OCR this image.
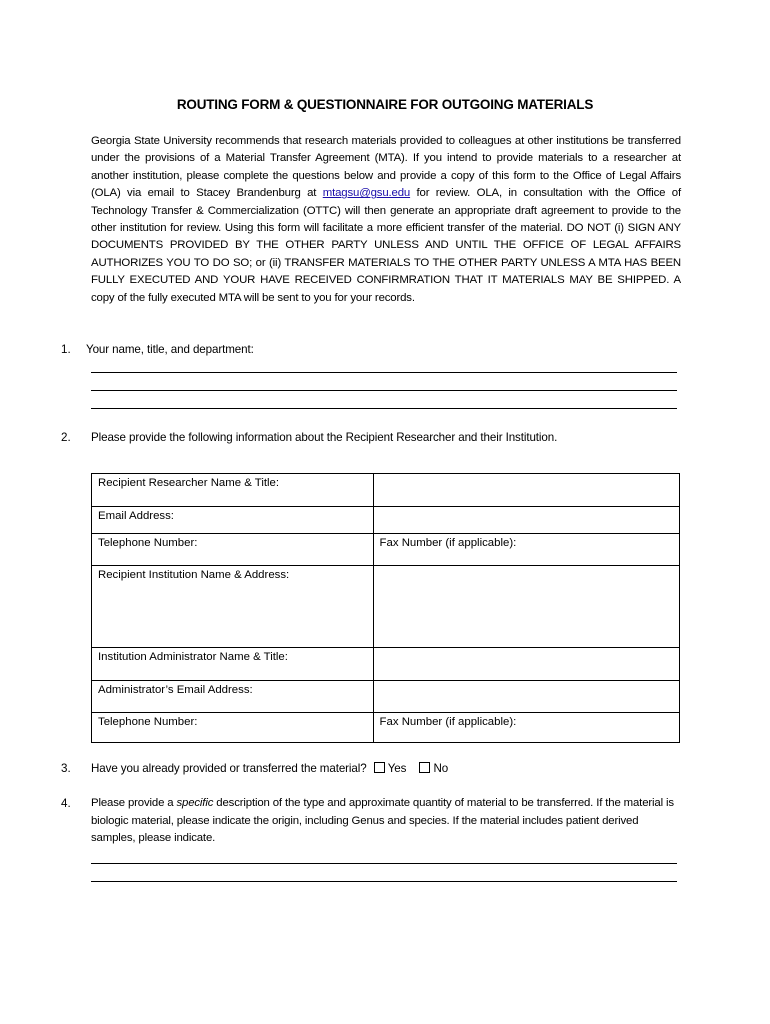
ROUTING FORM & QUESTIONNAIRE FOR OUTGOING MATERIALS
Georgia State University recommends that research materials provided to colleagues at other institutions be transferred under the provisions of a Material Transfer Agreement (MTA). If you intend to provide materials to a researcher at another institution, please complete the questions below and provide a copy of this form to the Office of Legal Affairs (OLA) via email to Stacey Brandenburg at mtagsu@gsu.edu for review. OLA, in consultation with the Office of Technology Transfer & Commercialization (OTTC) will then generate an appropriate draft agreement to provide to the other institution for review. Using this form will facilitate a more efficient transfer of the material. DO NOT (i) SIGN ANY DOCUMENTS PROVIDED BY THE OTHER PARTY UNLESS AND UNTIL THE OFFICE OF LEGAL AFFAIRS AUTHORIZES YOU TO DO SO; or (ii) TRANSFER MATERIALS TO THE OTHER PARTY UNLESS A MTA HAS BEEN FULLY EXECUTED AND YOUR HAVE RECEIVED CONFIRMRATION THAT IT MATERIALS MAY BE SHIPPED. A copy of the fully executed MTA will be sent to you for your records.
1. Your name, title, and department:
2. Please provide the following information about the Recipient Researcher and their Institution.
Recipient Researcher Name & Title:	
Email Address:	
Telephone Number:	Fax Number (if applicable):
Recipient Institution Name & Address:	
Institution Administrator Name & Title:	
Administrator’s Email Address:	
Telephone Number:	Fax Number (if applicable):
3. Have you already provided or transferred the material? Yes No
4. Please provide a specific description of the type and approximate quantity of material to be transferred. If the material is biologic material, please indicate the origin, including Genus and species. If the material includes patient derived samples, please indicate.
